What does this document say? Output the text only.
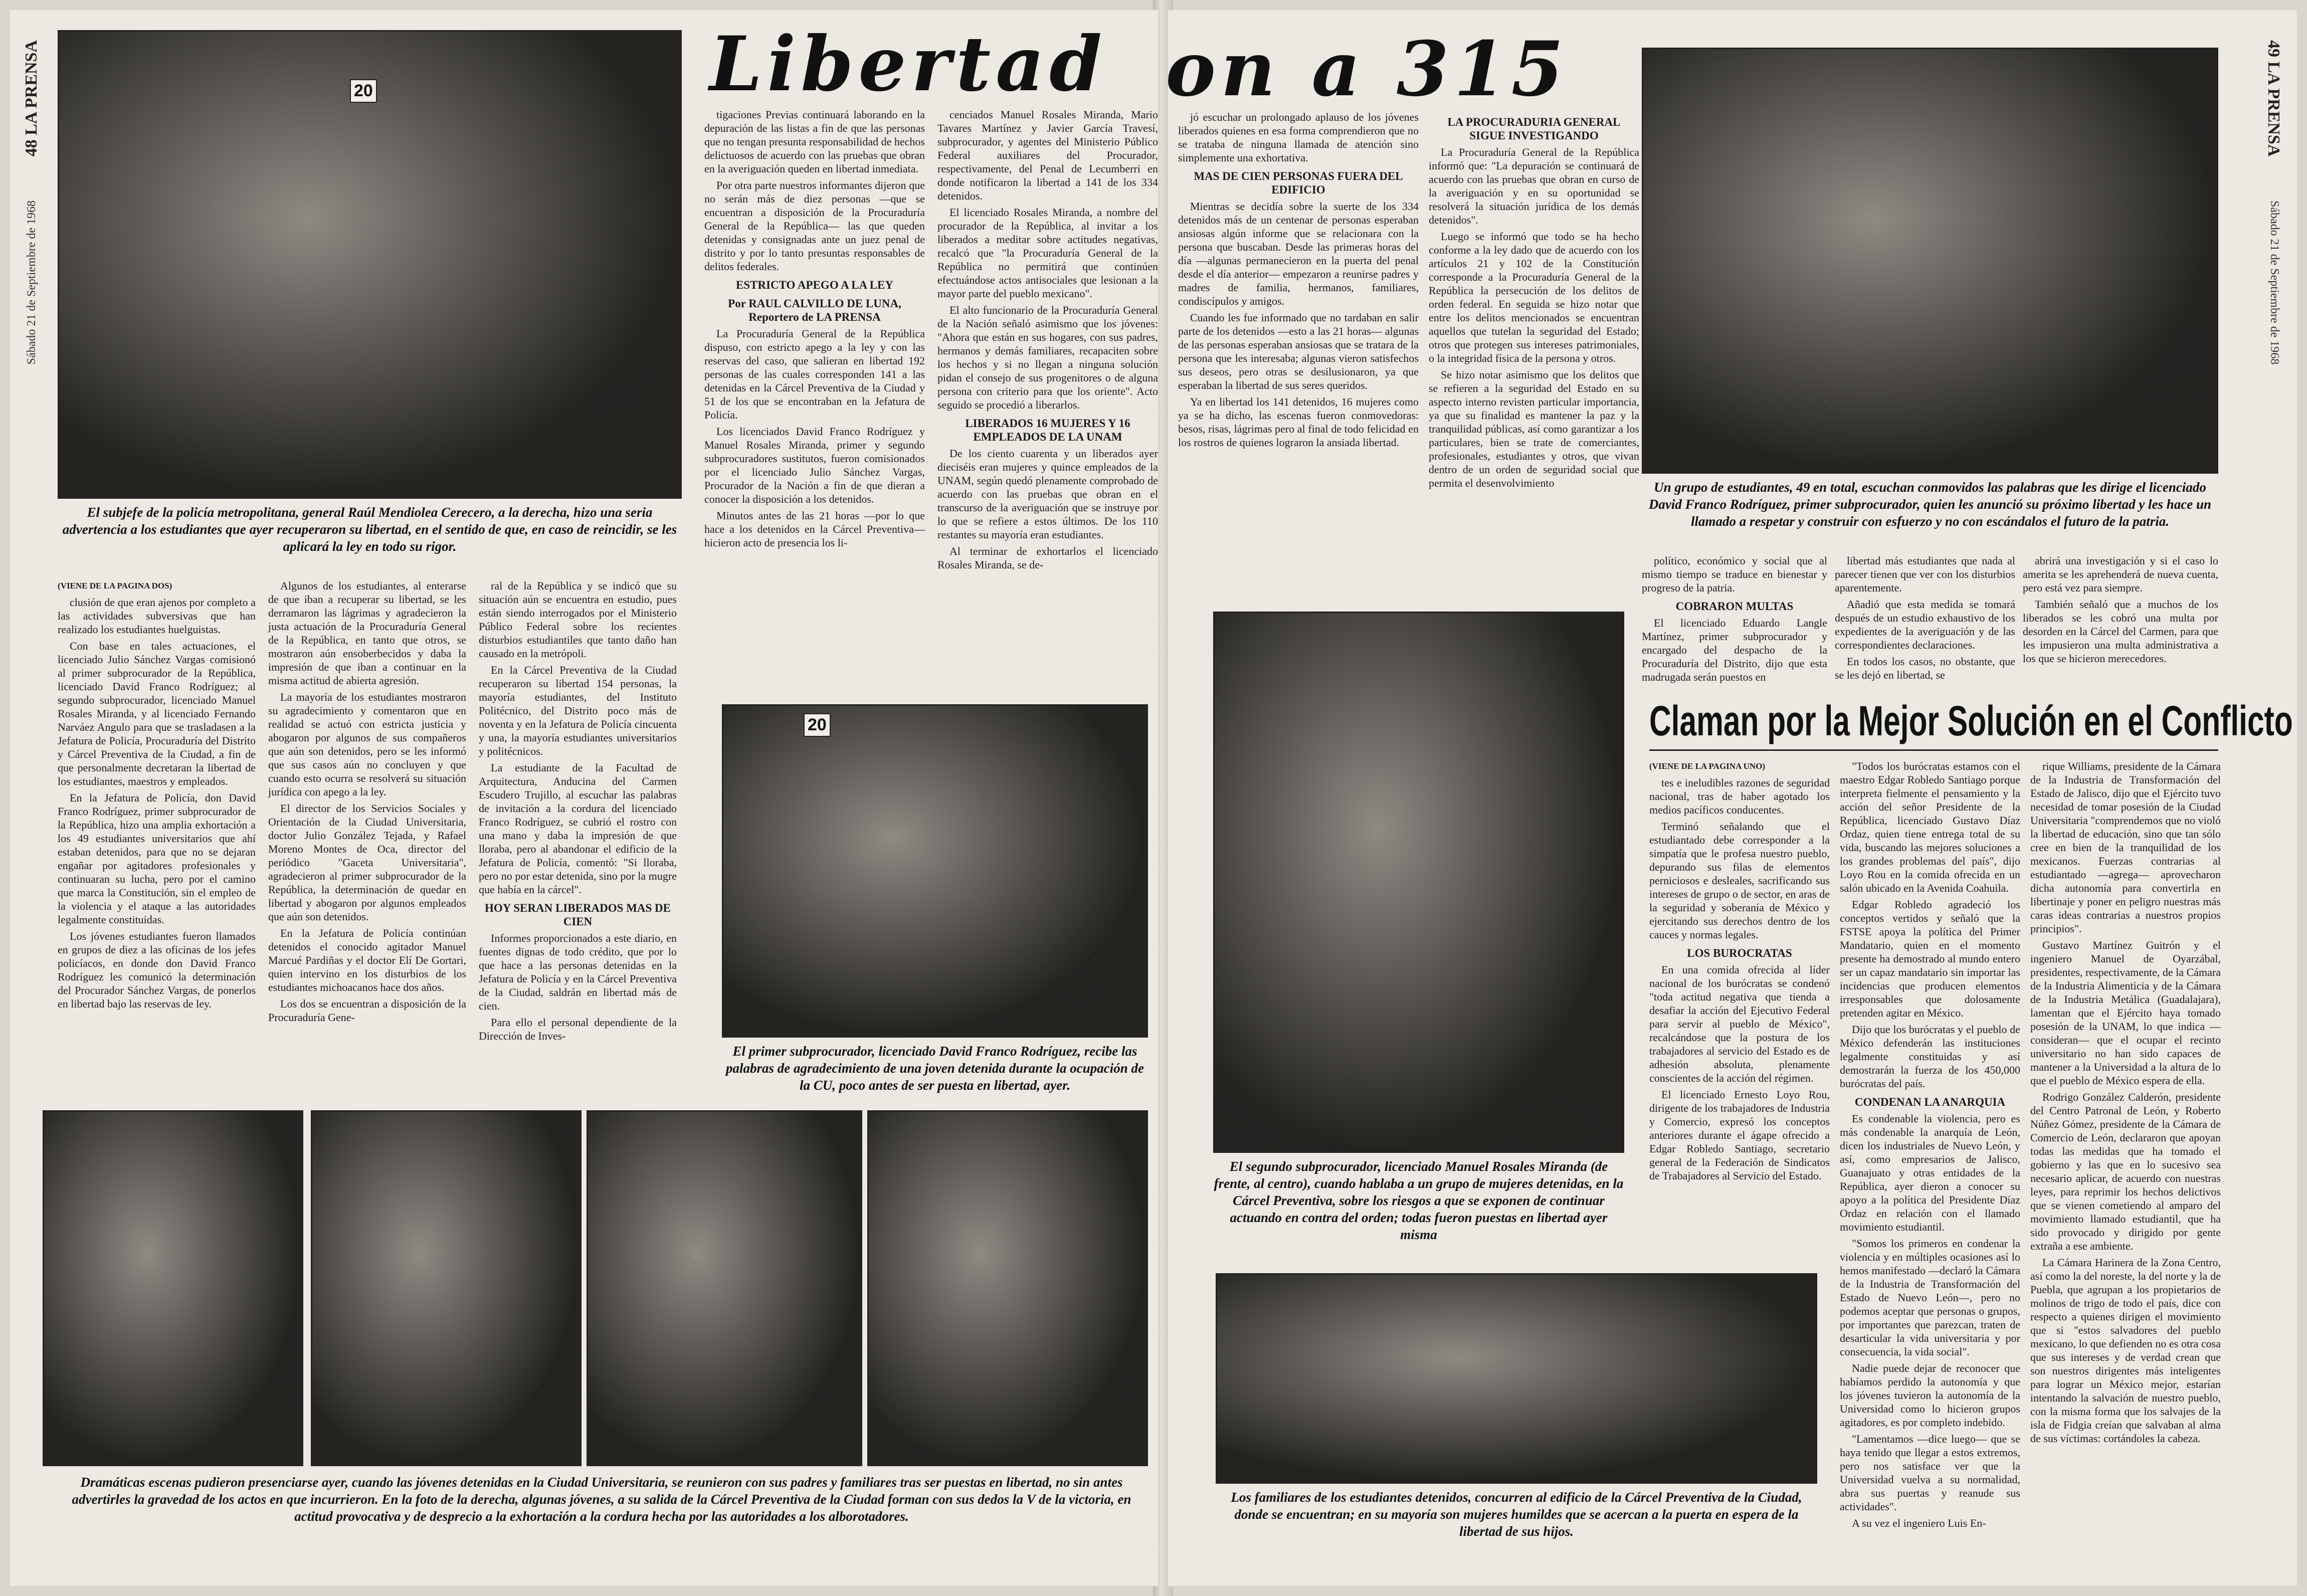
48 LA PRENSA
Sábado 21 de Septiembre de 1968
20
El subjefe de la policía metropolitana, general Raúl Mendiolea Cerecero, a la derecha, hizo una seria advertencia a los estudiantes que ayer recuperaron su libertad, en el sentido de que, en caso de reincidir, se les aplicará la ley en todo su rigor.
Libertad

tigaciones Previas continuará laborando en la depuración de las listas a fin de que las personas que no tengan presunta responsabilidad de hechos delictuosos de acuerdo con las pruebas que obran en la averiguación queden en libertad inmediata.

Por otra parte nuestros informantes dijeron que no serán más de diez personas —que se encuentran a disposición de la Procuraduría General de la República— las que queden detenidas y consignadas ante un juez penal de distrito y por lo tanto presuntas responsables de delitos federales.

ESTRICTO APEGO A LA LEY

Por RAUL CALVILLO DE LUNA, Reportero de LA PRENSA

La Procuraduría General de la República dispuso, con estricto apego a la ley y con las reservas del caso, que salieran en libertad 192 personas de las cuales corresponden 141 a las detenidas en la Cárcel Preventiva de la Ciudad y 51 de los que se encontraban en la Jefatura de Policía.

Los licenciados David Franco Rodríguez y Manuel Rosales Miranda, primer y segundo subprocuradores sustitutos, fueron comisionados por el licenciado Julio Sánchez Vargas, Procurador de la Nación a fin de que dieran a conocer la disposición a los detenidos.

Minutos antes de las 21 horas —por lo que hace a los detenidos en la Cárcel Preventiva— hicieron acto de presencia los li-

cenciados Manuel Rosales Miranda, Mario Tavares Martínez y Javier García Travesí, subprocurador, y agentes del Ministerio Público Federal auxiliares del Procurador, respectivamente, del Penal de Lecumberri en donde notificaron la libertad a 141 de los 334 detenidos.

El licenciado Rosales Miranda, a nombre del procurador de la República, al invitar a los liberados a meditar sobre actitudes negativas, recalcó que "la Procuraduría General de la República no permitirá que continúen efectuándose actos antisociales que lesionan a la mayor parte del pueblo mexicano".

El alto funcionario de la Procuraduría General de la Nación señaló asimismo que los jóvenes: "Ahora que están en sus hogares, con sus padres, hermanos y demás familiares, recapaciten sobre los hechos y si no llegan a ninguna solución pidan el consejo de sus progenitores o de alguna persona con criterio para que los oriente". Acto seguido se procedió a liberarlos.

LIBERADOS 16 MUJERES Y 16 EMPLEADOS DE LA UNAM

De los ciento cuarenta y un liberados ayer dieciséis eran mujeres y quince empleados de la UNAM, según quedó plenamente comprobado de acuerdo con las pruebas que obran en el transcurso de la averiguación que se instruye por lo que se refiere a estos últimos. De los 110 restantes su mayoría eran estudiantes.

Al terminar de exhortarlos el licenciado Rosales Miranda, se de-

(VIENE DE LA PAGINA DOS)

clusión de que eran ajenos por completo a las actividades subversivas que han realizado los estudiantes huelguistas.

Con base en tales actuaciones, el licenciado Julio Sánchez Vargas comisionó al primer subprocurador de la República, licenciado David Franco Rodríguez; al segundo subprocurador, licenciado Manuel Rosales Miranda, y al licenciado Fernando Narváez Angulo para que se trasladasen a la Jefatura de Policía, Procuraduría del Distrito y Cárcel Preventiva de la Ciudad, a fin de que personalmente decretaran la libertad de los estudiantes, maestros y empleados.

En la Jefatura de Policía, don David Franco Rodríguez, primer subprocurador de la República, hizo una amplia exhortación a los 49 estudiantes universitarios que ahí estaban detenidos, para que no se dejaran engañar por agitadores profesionales y continuaran su lucha, pero por el camino que marca la Constitución, sin el empleo de la violencia y el ataque a las autoridades legalmente constituidas.

Los jóvenes estudiantes fueron llamados en grupos de diez a las oficinas de los jefes policíacos, en donde don David Franco Rodríguez les comunicó la determinación del Procurador Sánchez Vargas, de ponerlos en libertad bajo las reservas de ley.

Algunos de los estudiantes, al enterarse de que iban a recuperar su libertad, se les derramaron las lágrimas y agradecieron la justa actuación de la Procuraduría General de la República, en tanto que otros, se mostraron aún ensoberbecidos y daba la impresión de que iban a continuar en la misma actitud de abierta agresión.

La mayoría de los estudiantes mostraron su agradecimiento y comentaron que en realidad se actuó con estricta justicia y abogaron por algunos de sus compañeros que aún son detenidos, pero se les informó que sus casos aún no concluyen y que cuando esto ocurra se resolverá su situación jurídica con apego a la ley.

El director de los Servicios Sociales y Orientación de la Ciudad Universitaria, doctor Julio González Tejada, y Rafael Moreno Montes de Oca, director del periódico "Gaceta Universitaria", agradecieron al primer subprocurador de la República, la determinación de quedar en libertad y abogaron por algunos empleados que aún son detenidos.

En la Jefatura de Policía continúan detenidos el conocido agitador Manuel Marcué Pardiñas y el doctor Elí De Gortari, quien intervino en los disturbios de los estudiantes michoacanos hace dos años.

Los dos se encuentran a disposición de la Procuraduría Gene-

ral de la República y se indicó que su situación aún se encuentra en estudio, pues están siendo interrogados por el Ministerio Público Federal sobre los recientes disturbios estudiantiles que tanto daño han causado en la metrópoli.

En la Cárcel Preventiva de la Ciudad recuperaron su libertad 154 personas, la mayoría estudiantes, del Instituto Politécnico, del Distrito poco más de noventa y en la Jefatura de Policía cincuenta y una, la mayoría estudiantes universitarios y politécnicos.

La estudiante de la Facultad de Arquitectura, Anducina del Carmen Escudero Trujillo, al escuchar las palabras de invitación a la cordura del licenciado Franco Rodríguez, se cubrió el rostro con una mano y daba la impresión de que lloraba, pero al abandonar el edificio de la Jefatura de Policía, comentó: "Si lloraba, pero no por estar detenida, sino por la mugre que había en la cárcel".

HOY SERAN LIBERADOS MAS DE CIEN

Informes proporcionados a este diario, en fuentes dignas de todo crédito, que por lo que hace a las personas detenidas en la Jefatura de Policía y en la Cárcel Preventiva de la Ciudad, saldrán en libertad más de cien.

Para ello el personal dependiente de la Dirección de Inves-

20
El primer subprocurador, licenciado David Franco Rodríguez, recibe las palabras de agradecimiento de una joven detenida durante la ocupación de la CU, poco antes de ser puesta en libertad, ayer.
Dramáticas escenas pudieron presenciarse ayer, cuando las jóvenes detenidas en la Ciudad Universitaria, se reunieron con sus padres y familiares tras ser puestas en libertad, no sin antes advertirles la gravedad de los actos en que incurrieron. En la foto de la derecha, algunas jóvenes, a su salida de la Cárcel Preventiva de la Ciudad forman con sus dedos la V de la victoria, en actitud provocativa y de desprecio a la exhortación a la cordura hecha por las autoridades a los alborotadores.
49 LA PRENSA
Sábado 21 de Septiembre de 1968
on a 315

jó escuchar un prolongado aplauso de los jóvenes liberados quienes en esa forma comprendieron que no se trataba de ninguna llamada de atención sino simplemente una exhortativa.

MAS DE CIEN PERSONAS FUERA DEL EDIFICIO

Mientras se decidía sobre la suerte de los 334 detenidos más de un centenar de personas esperaban ansiosas algún informe que se relacionara con la persona que buscaban. Desde las primeras horas del día —algunas permanecieron en la puerta del penal desde el día anterior— empezaron a reunirse padres y madres de familia, hermanos, familiares, condiscípulos y amigos.

Cuando les fue informado que no tardaban en salir parte de los detenidos —esto a las 21 horas— algunas de las personas esperaban ansiosas que se tratara de la persona que les interesaba; algunas vieron satisfechos sus deseos, pero otras se desilusionaron, ya que esperaban la libertad de sus seres queridos.

Ya en libertad los 141 detenidos, 16 mujeres como ya se ha dicho, las escenas fueron conmovedoras: besos, risas, lágrimas pero al final de todo felicidad en los rostros de quienes lograron la ansiada libertad.

LA PROCURADURIA GENERAL SIGUE INVESTIGANDO

La Procuraduría General de la República informó que: "La depuración se continuará de acuerdo con las pruebas que obran en curso de la averiguación y en su oportunidad se resolverá la situación jurídica de los demás detenidos".

Luego se informó que todo se ha hecho conforme a la ley dado que de acuerdo con los artículos 21 y 102 de la Constitución corresponde a la Procuraduría General de la República la persecución de los delitos de orden federal. En seguida se hizo notar que entre los delitos mencionados se encuentran aquellos que tutelan la seguridad del Estado; otros que protegen sus intereses patrimoniales, o la integridad física de la persona y otros.

Se hizo notar asimismo que los delitos que se refieren a la seguridad del Estado en su aspecto interno revisten particular importancia, ya que su finalidad es mantener la paz y la tranquilidad públicas, así como garantizar a los particulares, bien se trate de comerciantes, profesionales, estudiantes y otros, que vivan dentro de un orden de seguridad social que permita el desenvolvimiento	Un grupo de estudiantes, 49 en total, escuchan conmovidos las palabras que les dirige el licenciado David Franco Rodríguez, primer subprocurador, quien les anunció su próximo libertad y les hace un llamado a respetar y construir con esfuerzo y no con escándalos el futuro de la patria.

político, económico y social que al mismo tiempo se traduce en bienestar y progreso de la patria.

COBRARON MULTAS

El licenciado Eduardo Langle Martínez, primer subprocurador y encargado del despacho de la Procuraduría del Distrito, dijo que esta madrugada serán puestos en

libertad más estudiantes que nada al parecer tienen que ver con los disturbios aparentemente.

Añadió que esta medida se tomará después de un estudio exhaustivo de los expedientes de la averiguación y de las correspondientes declaraciones.

En todos los casos, no obstante, que se les dejó en libertad, se

abrirá una investigación y si el caso lo amerita se les aprehenderá de nueva cuenta, pero está vez para siempre.

También señaló que a muchos de los liberados se les cobró una multa por desorden en la Cárcel del Carmen, para que les impusieron una multa administrativa a los que se hicieron merecedores.

El segundo subprocurador, licenciado Manuel Rosales Miranda (de frente, al centro), cuando hablaba a un grupo de mujeres detenidas, en la Cárcel Preventiva, sobre los riesgos a que se exponen de continuar actuando en contra del orden; todas fueron puestas en libertad ayer misma
Claman por la Mejor Solución en el Conflicto

(VIENE DE LA PAGINA UNO)

tes e ineludibles razones de seguridad nacional, tras de haber agotado los medios pacíficos conducentes.

Terminó señalando que el estudiantado debe corresponder a la simpatía que le profesa nuestro pueblo, depurando sus filas de elementos perniciosos e desleales, sacrificando sus intereses de grupo o de sector, en aras de la seguridad y soberanía de México y ejercitando sus derechos dentro de los cauces y normas legales.

LOS BUROCRATAS

En una comida ofrecida al líder nacional de los burócratas se condenó "toda actitud negativa que tienda a desafiar la acción del Ejecutivo Federal para servir al pueblo de México", recalcándose que la postura de los trabajadores al servicio del Estado es de adhesión absoluta, plenamente conscientes de la acción del régimen.

El licenciado Ernesto Loyo Rou, dirigente de los trabajadores de Industria y Comercio, expresó los conceptos anteriores durante el ágape ofrecido a Edgar Robledo Santiago, secretario general de la Federación de Sindicatos de Trabajadores al Servicio del Estado.

"Todos los burócratas estamos con el maestro Edgar Robledo Santiago porque interpreta fielmente el pensamiento y la acción del señor Presidente de la República, licenciado Gustavo Díaz Ordaz, quien tiene entrega total de su vida, buscando las mejores soluciones a los grandes problemas del país", dijo Loyo Rou en la comida ofrecida en un salón ubicado en la Avenida Coahuila.

Edgar Robledo agradeció los conceptos vertidos y señaló que la FSTSE apoya la política del Primer Mandatario, quien en el momento presente ha demostrado al mundo entero ser un capaz mandatario sin importar las incidencias que producen elementos irresponsables que dolosamente pretenden agitar en México.

Dijo que los burócratas y el pueblo de México defenderán las instituciones legalmente constituidas y así demostrarán la fuerza de los 450,000 burócratas del país.

CONDENAN LA ANARQUIA

Es condenable la violencia, pero es más condenable la anarquía de León, dicen los industriales de Nuevo León, y así, como empresarios de Jalisco, Guanajuato y otras entidades de la República, ayer dieron a conocer su apoyo a la política del Presidente Díaz Ordaz en relación con el llamado movimiento estudiantil.

"Somos los primeros en condenar la violencia y en múltiples ocasiones así lo hemos manifestado —declaró la Cámara de la Industria de Transformación del Estado de Nuevo León—, pero no podemos aceptar que personas o grupos, por importantes que parezcan, traten de desarticular la vida universitaria y por consecuencia, la vida social".

Nadie puede dejar de reconocer que habíamos perdido la autonomía y que los jóvenes tuvieron la autonomía de la Universidad como lo hicieron grupos agitadores, es por completo indebido.

"Lamentamos —dice luego— que se haya tenido que llegar a estos extremos, pero nos satisface ver que la Universidad vuelva a su normalidad, abra sus puertas y reanude sus actividades".

A su vez el ingeniero Luis En-

rique Williams, presidente de la Cámara de la Industria de Transformación del Estado de Jalisco, dijo que el Ejército tuvo necesidad de tomar posesión de la Ciudad Universitaria "comprendemos que no violó la libertad de educación, sino que tan sólo cree en bien de la tranquilidad de los mexicanos. Fuerzas contrarias al estudiantado —agrega— aprovecharon dicha autonomía para convertirla en libertinaje y poner en peligro nuestras más caras ideas contrarias a nuestros propios principios".

Gustavo Martínez Guitrón y el ingeniero Manuel de Oyarzábal, presidentes, respectivamente, de la Cámara de la Industria Alimenticia y de la Cámara de la Industria Metálica (Guadalajara), lamentan que el Ejército haya tomado posesión de la UNAM, lo que indica —consideran— que el ocupar el recinto universitario no han sido capaces de mantener a la Universidad a la altura de lo que el pueblo de México espera de ella.

Rodrigo González Calderón, presidente del Centro Patronal de León, y Roberto Núñez Gómez, presidente de la Cámara de Comercio de León, declararon que apoyan todas las medidas que ha tomado el gobierno y las que en lo sucesivo sea necesario aplicar, de acuerdo con nuestras leyes, para reprimir los hechos delictivos que se vienen cometiendo al amparo del movimiento llamado estudiantil, que ha sido provocado y dirigido por gente extraña a ese ambiente.

La Cámara Harinera de la Zona Centro, así como la del noreste, la del norte y la de Puebla, que agrupan a los propietarios de molinos de trigo de todo el país, dice con respecto a quienes dirigen el movimiento que si "estos salvadores del pueblo mexicano, lo que defienden no es otra cosa que sus intereses y de verdad crean que son nuestros dirigentes más inteligentes para lograr un México mejor, estarían intentando la salvación de nuestro pueblo, con la misma forma que los salvajes de la isla de Fidgia creían que salvaban al alma de sus víctimas: cortándoles la cabeza.

Los familiares de los estudiantes detenidos, concurren al edificio de la Cárcel Preventiva de la Ciudad, donde se encuentran; en su mayoría son mujeres humildes que se acercan a la puerta en espera de la libertad de sus hijos.
